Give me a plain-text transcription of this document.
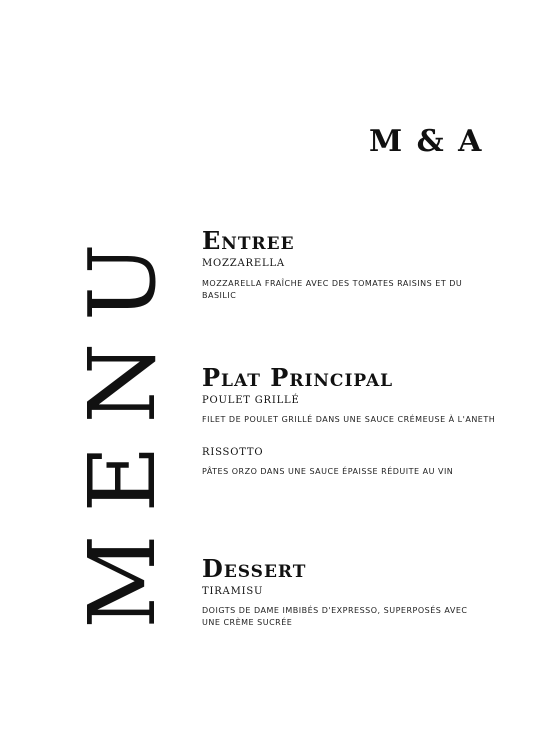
M & A
MENU Entree

MOZZARELLA

MOZZARELLA FRAÎCHE AVEC DES TOMATES RAISINS ET DU BASILIC

Plat Principal

POULET GRILLÉ

FILET DE POULET GRILLÉ DANS UNE SAUCE CRÉMEUSE À L'ANETH

RISSOTTO

PÂTES ORZO DANS UNE SAUCE ÉPAISSE RÉDUITE AU VIN

Dessert

TIRAMISU

DOIGTS DE DAME IMBIBÉS D'EXPRESSO, SUPERPOSÉS AVEC UNE CRÈME SUCRÉE
